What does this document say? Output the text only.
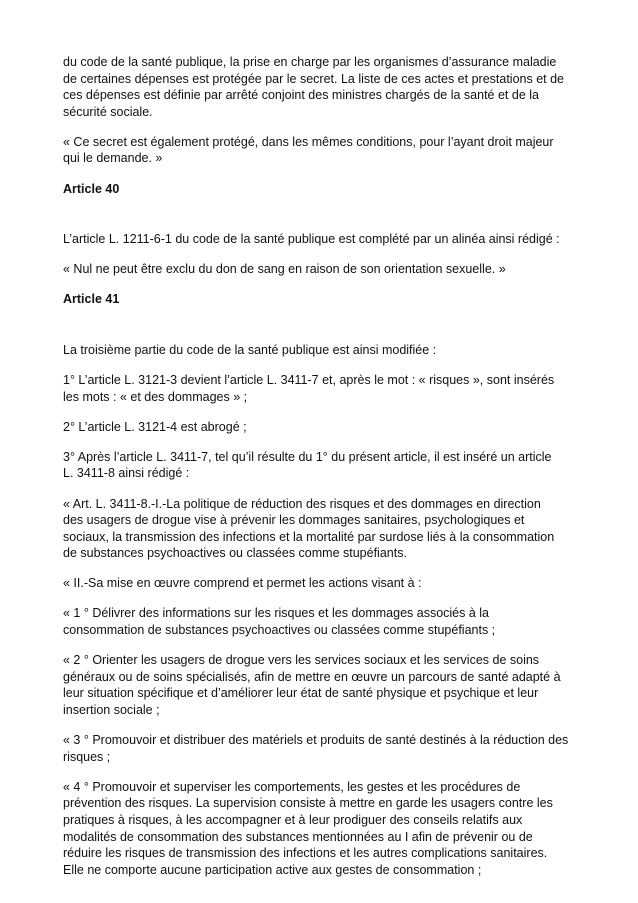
du code de la santé publique, la prise en charge par les organismes d’assurance maladie
de certaines dépenses est protégée par le secret. La liste de ces actes et prestations et de
ces dépenses est définie par arrêté conjoint des ministres chargés de la santé et de la
sécurité sociale.

« Ce secret est également protégé, dans les mêmes conditions, pour l’ayant droit majeur
qui le demande. »

Article 40

L’article L. 1211-6-1 du code de la santé publique est complété par un alinéa ainsi rédigé :

« Nul ne peut être exclu du don de sang en raison de son orientation sexuelle. »

Article 41

La troisième partie du code de la santé publique est ainsi modifiée :

1° L’article L. 3121-3 devient l’article L. 3411-7 et, après le mot : « risques », sont insérés
les mots : « et des dommages » ;

2° L’article L. 3121-4 est abrogé ;

3° Après l’article L. 3411-7, tel qu’il résulte du 1° du présent article, il est inséré un article
L. 3411-8 ainsi rédigé :

« Art. L. 3411-8.-I.-La politique de réduction des risques et des dommages en direction
des usagers de drogue vise à prévenir les dommages sanitaires, psychologiques et
sociaux, la transmission des infections et la mortalité par surdose liés à la consommation
de substances psychoactives ou classées comme stupéfiants.

« II.-Sa mise en œuvre comprend et permet les actions visant à :

« 1 ° Délivrer des informations sur les risques et les dommages associés à la
consommation de substances psychoactives ou classées comme stupéfiants ;

« 2 ° Orienter les usagers de drogue vers les services sociaux et les services de soins
généraux ou de soins spécialisés, afin de mettre en œuvre un parcours de santé adapté à
leur situation spécifique et d’améliorer leur état de santé physique et psychique et leur
insertion sociale ;

« 3 ° Promouvoir et distribuer des matériels et produits de santé destinés à la réduction des
risques ;

« 4 ° Promouvoir et superviser les comportements, les gestes et les procédures de
prévention des risques. La supervision consiste à mettre en garde les usagers contre les
pratiques à risques, à les accompagner et à leur prodiguer des conseils relatifs aux
modalités de consommation des substances mentionnées au I afin de prévenir ou de
réduire les risques de transmission des infections et les autres complications sanitaires.
Elle ne comporte aucune participation active aux gestes de consommation ;
